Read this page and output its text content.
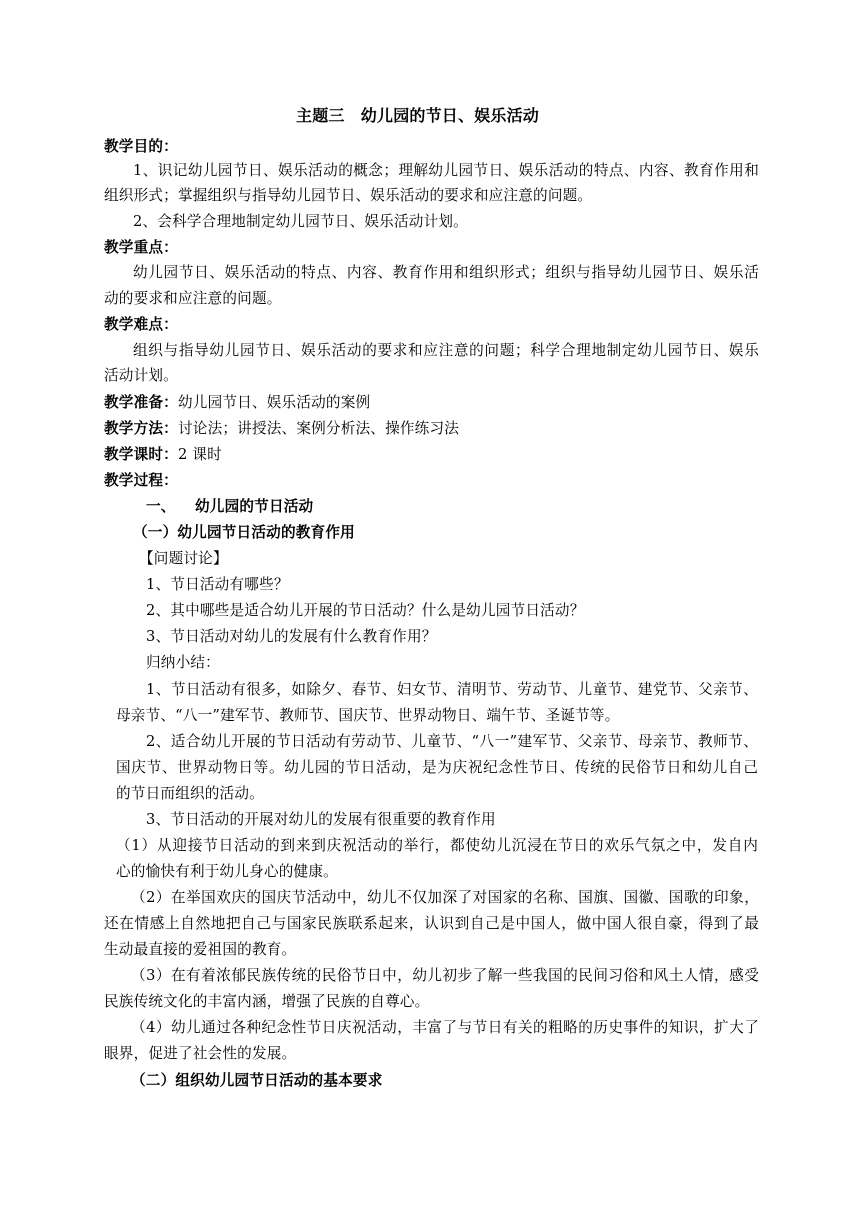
主题三　幼儿园的节日、娱乐活动
教学目的：
1、识记幼儿园节日、娱乐活动的概念；理解幼儿园节日、娱乐活动的特点、内容、教育作用和
组织形式；掌握组织与指导幼儿园节日、娱乐活动的要求和应注意的问题。
2、会科学合理地制定幼儿园节日、娱乐活动计划。
教学重点：
幼儿园节日、娱乐活动的特点、内容、教育作用和组织形式；组织与指导幼儿园节日、娱乐活
动的要求和应注意的问题。
教学难点：
组织与指导幼儿园节日、娱乐活动的要求和应注意的问题；科学合理地制定幼儿园节日、娱乐
活动计划。
教学准备：幼儿园节日、娱乐活动的案例
教学方法：讨论法；讲授法、案例分析法、操作练习法
教学课时：2 课时
教学过程：
一、 幼儿园的节日活动
（一）幼儿园节日活动的教育作用
【问题讨论】
1、节日活动有哪些？
2、其中哪些是适合幼儿开展的节日活动？什么是幼儿园节日活动？
3、节日活动对幼儿的发展有什么教育作用？
归纳小结：
1、节日活动有很多，如除夕、春节、妇女节、清明节、劳动节、儿童节、建党节、父亲节、
母亲节、“八一”建军节、教师节、国庆节、世界动物日、端午节、圣诞节等。
2、适合幼儿开展的节日活动有劳动节、儿童节、“八一”建军节、父亲节、母亲节、教师节、
国庆节、世界动物日等。幼儿园的节日活动，是为庆祝纪念性节日、传统的民俗节日和幼儿自己
的节日而组织的活动。
3、节日活动的开展对幼儿的发展有很重要的教育作用
（1）从迎接节日活动的到来到庆祝活动的举行，都使幼儿沉浸在节日的欢乐气氛之中，发自内
心的愉快有利于幼儿身心的健康。
（2）在举国欢庆的国庆节活动中，幼儿不仅加深了对国家的名称、国旗、国徽、国歌的印象，
还在情感上自然地把自己与国家民族联系起来，认识到自己是中国人，做中国人很自豪，得到了最
生动最直接的爱祖国的教育。
（3）在有着浓郁民族传统的民俗节日中，幼儿初步了解一些我国的民间习俗和风土人情，感受
民族传统文化的丰富内涵，增强了民族的自尊心。
（4）幼儿通过各种纪念性节日庆祝活动，丰富了与节日有关的粗略的历史事件的知识，扩大了
眼界，促进了社会性的发展。
（二）组织幼儿园节日活动的基本要求
